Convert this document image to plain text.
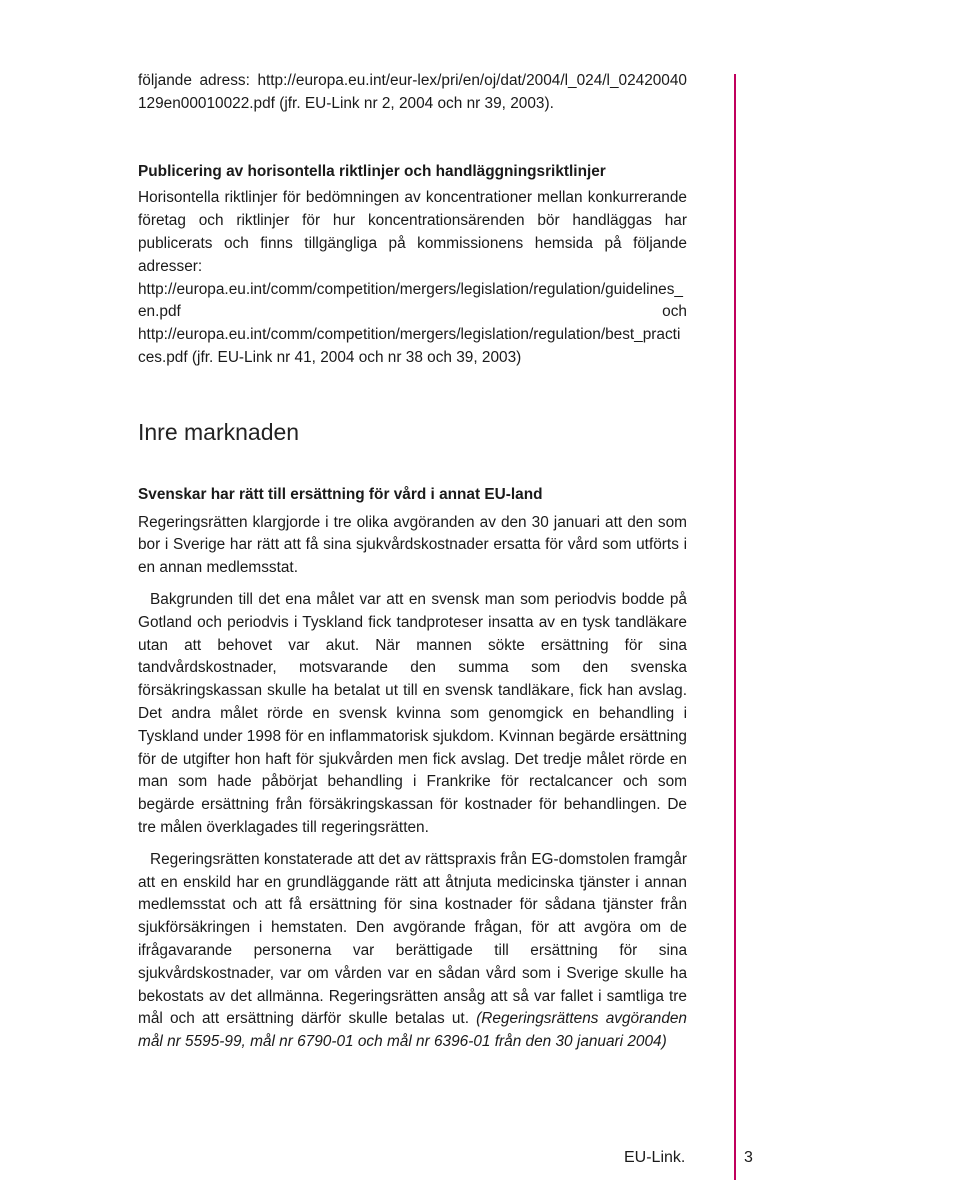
följande adress: http://europa.eu.int/eur-lex/pri/en/oj/dat/2004/l_024/l_02420040129en00010022.pdf (jfr. EU-Link nr 2, 2004 och nr 39, 2003).

Publicering av horisontella riktlinjer och handläggningsriktlinjer

Horisontella riktlinjer för bedömningen av koncentrationer mellan konkurrerande företag och riktlinjer för hur koncentrationsärenden bör handläggas har publicerats och finns tillgängliga på kommissionens hemsida på följande adresser: http://europa.eu.int/comm/competition/mergers/legislation/regulation/guidelines_en.pdf och http://europa.eu.int/comm/competition/mergers/legislation/regulation/best_practices.pdf (jfr. EU-Link nr 41, 2004 och nr 38 och 39, 2003)

Inre marknaden
Svenskar har rätt till ersättning för vård i annat EU-land

Regeringsrätten klargjorde i tre olika avgöranden av den 30 januari att den som bor i Sverige har rätt att få sina sjukvårdskostnader ersatta för vård som utförts i en annan medlemsstat.

Bakgrunden till det ena målet var att en svensk man som periodvis bodde på Gotland och periodvis i Tyskland fick tandproteser insatta av en tysk tandläkare utan att behovet var akut. När mannen sökte ersättning för sina tandvårdskostnader, motsvarande den summa som den svenska försäkringskassan skulle ha betalat ut till en svensk tandläkare, fick han avslag. Det andra målet rörde en svensk kvinna som genomgick en behandling i Tyskland under 1998 för en inflammatorisk sjukdom. Kvinnan begärde ersättning för de utgifter hon haft för sjukvården men fick avslag. Det tredje målet rörde en man som hade påbörjat behandling i Frankrike för rectalcancer och som begärde ersättning från försäkringskassan för kostnader för behandlingen. De tre målen överklagades till regeringsrätten.

Regeringsrätten konstaterade att det av rättspraxis från EG-domstolen framgår att en enskild har en grundläggande rätt att åtnjuta medicinska tjänster i annan medlemsstat och att få ersättning för sina kostnader för sådana tjänster från sjukförsäkringen i hemstaten. Den avgörande frågan, för att avgöra om de ifrågavarande personerna var berättigade till ersättning för sina sjukvårdskostnader, var om vården var en sådan vård som i Sverige skulle ha bekostats av det allmänna. Regeringsrätten ansåg att så var fallet i samtliga tre mål och att ersättning därför skulle betalas ut. (Regeringsrättens avgöranden mål nr 5595-99, mål nr 6790-01 och mål nr 6396-01 från den 30 januari 2004)

EU-Link.	3
